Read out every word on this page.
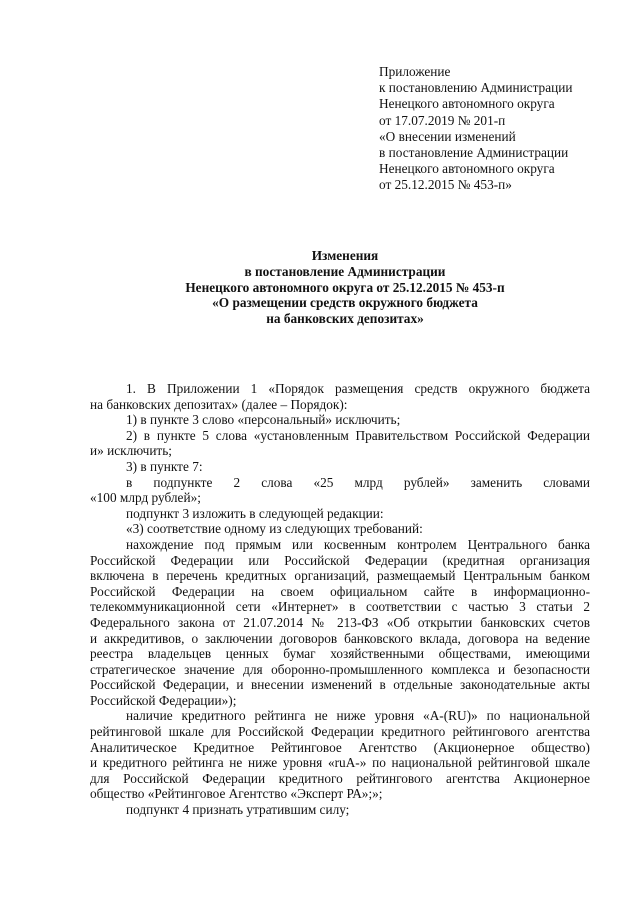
Приложение
к постановлению Администрации
Ненецкого автономного округа
от 17.07.2019 № 201-п
«О внесении изменений
в постановление Администрации
Ненецкого автономного округа
от 25.12.2015 № 453-п»
Изменения
в постановление Администрации
Ненецкого автономного округа от 25.12.2015 № 453-п
«О размещении средств окружного бюджета
на банковских депозитах»
1. В Приложении 1 «Порядок размещения средств окружного бюджета
на банковских депозитах» (далее – Порядок):
1) в пункте 3 слово «персональный» исключить;
2) в пункте 5 слова «установленным Правительством Российской Федерации
и» исключить;
3) в пункте 7:
в подпункте 2 слова «25 млрд рублей» заменить словами
«100 млрд рублей»;
подпункт 3 изложить в следующей редакции:
«3) соответствие одному из следующих требований:
нахождение под прямым или косвенным контролем Центрального банка
Российской Федерации или Российской Федерации (кредитная организация
включена в перечень кредитных организаций, размещаемый Центральным банком
Российской Федерации на своем официальном сайте в информационно-
телекоммуникационной сети «Интернет» в соответствии с частью 3 статьи 2
Федерального закона от 21.07.2014 № 213-ФЗ «Об открытии банковских счетов
и аккредитивов, о заключении договоров банковского вклада, договора на ведение
реестра владельцев ценных бумаг хозяйственными обществами, имеющими
стратегическое значение для оборонно-промышленного комплекса и безопасности
Российской Федерации, и внесении изменений в отдельные законодательные акты
Российской Федерации»);
наличие кредитного рейтинга не ниже уровня «A-(RU)» по национальной
рейтинговой шкале для Российской Федерации кредитного рейтингового агентства
Аналитическое Кредитное Рейтинговое Агентство (Акционерное общество)
и кредитного рейтинга не ниже уровня «ruA-» по национальной рейтинговой шкале
для Российской Федерации кредитного рейтингового агентства Акционерное
общество «Рейтинговое Агентство «Эксперт РА»;»;
подпункт 4 признать утратившим силу;
